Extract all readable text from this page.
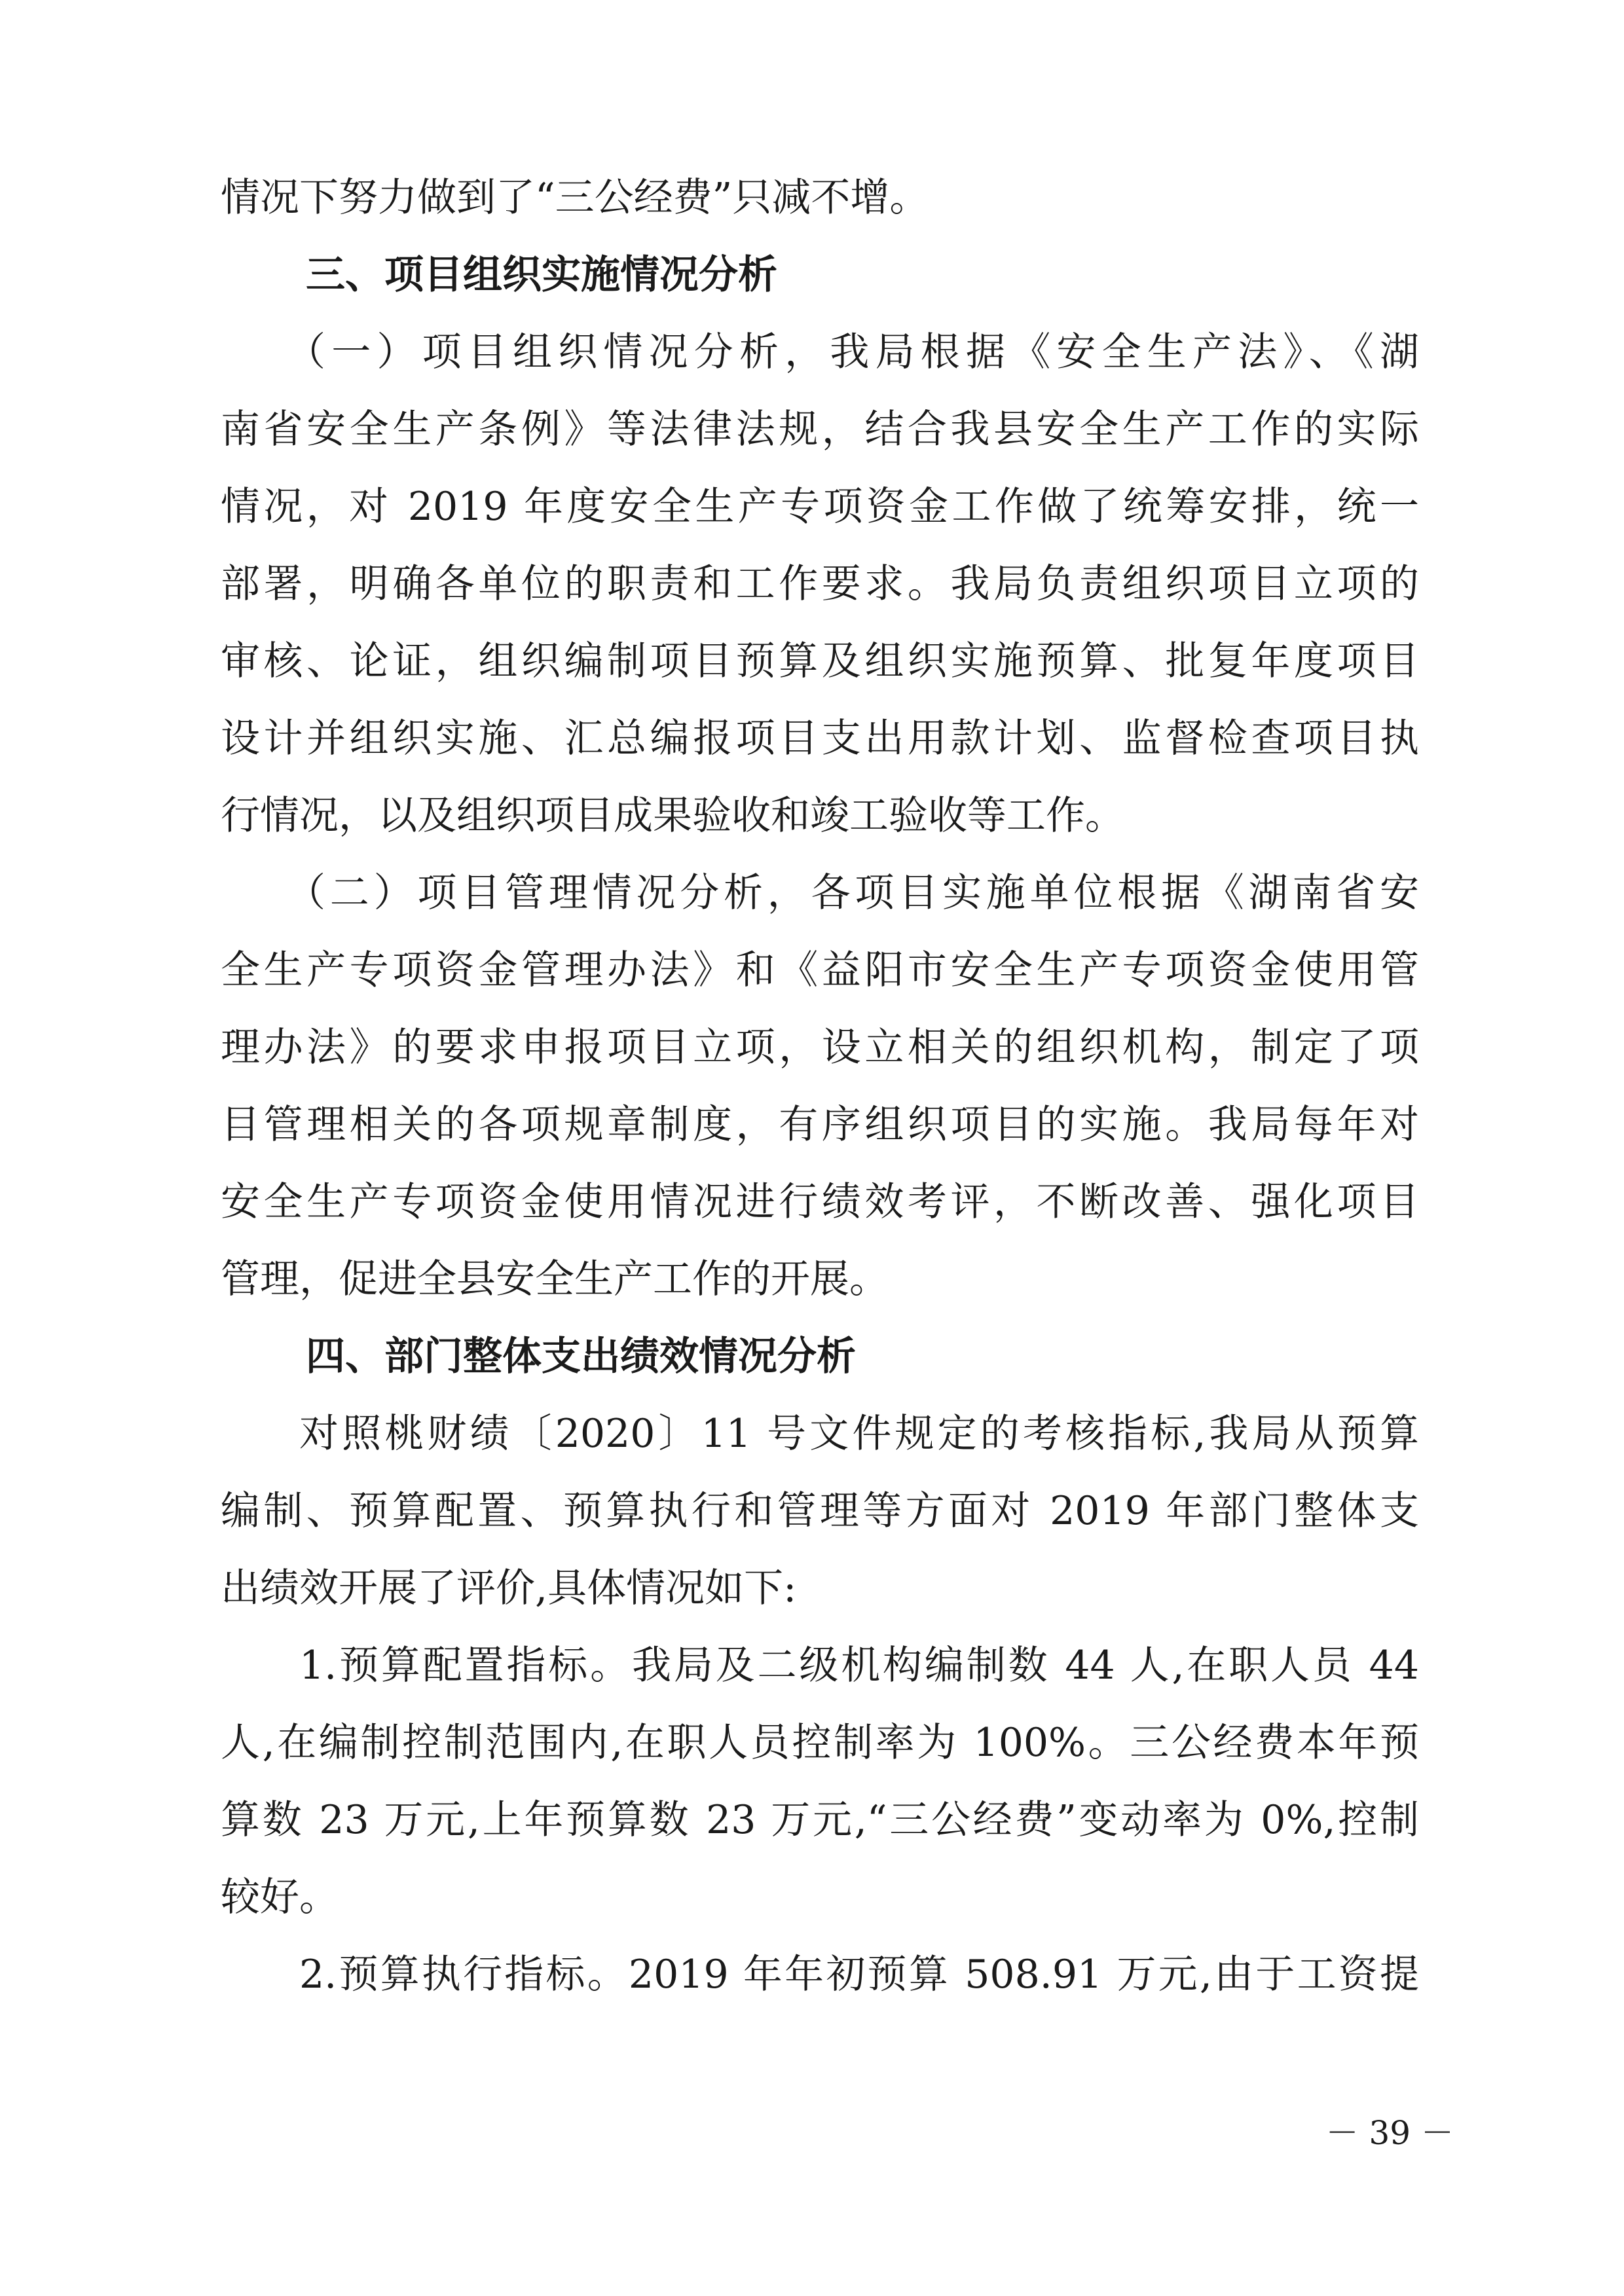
情况下努力做到了“三公经费”只减不增。
三、项目组织实施情况分析
（一）项目组织情况分析，我局根据《安全生产法》、《湖
南省安全生产条例》等法律法规，结合我县安全生产工作的实际
情况，对 2019 年度安全生产专项资金工作做了统筹安排，统一
部署，明确各单位的职责和工作要求。我局负责组织项目立项的
审核、论证，组织编制项目预算及组织实施预算、批复年度项目
设计并组织实施、汇总编报项目支出用款计划、监督检查项目执
行情况，以及组织项目成果验收和竣工验收等工作。
（二）项目管理情况分析，各项目实施单位根据《湖南省安
全生产专项资金管理办法》和《益阳市安全生产专项资金使用管
理办法》的要求申报项目立项，设立相关的组织机构，制定了项
目管理相关的各项规章制度，有序组织项目的实施。我局每年对
安全生产专项资金使用情况进行绩效考评，不断改善、强化项目
管理，促进全县安全生产工作的开展。
四、部门整体支出绩效情况分析
对照桃财绩〔2020〕11 号文件规定的考核指标,我局从预算
编制、预算配置、预算执行和管理等方面对 2019 年部门整体支
出绩效开展了评价,具体情况如下:
1.预算配置指标。我局及二级机构编制数 44 人,在职人员 44
人,在编制控制范围内,在职人员控制率为 100%。三公经费本年预
算数 23 万元,上年预算数 23 万元,“三公经费”变动率为 0%,控制
较好。
2.预算执行指标。2019 年年初预算 508.91 万元,由于工资提
－ 39 －
